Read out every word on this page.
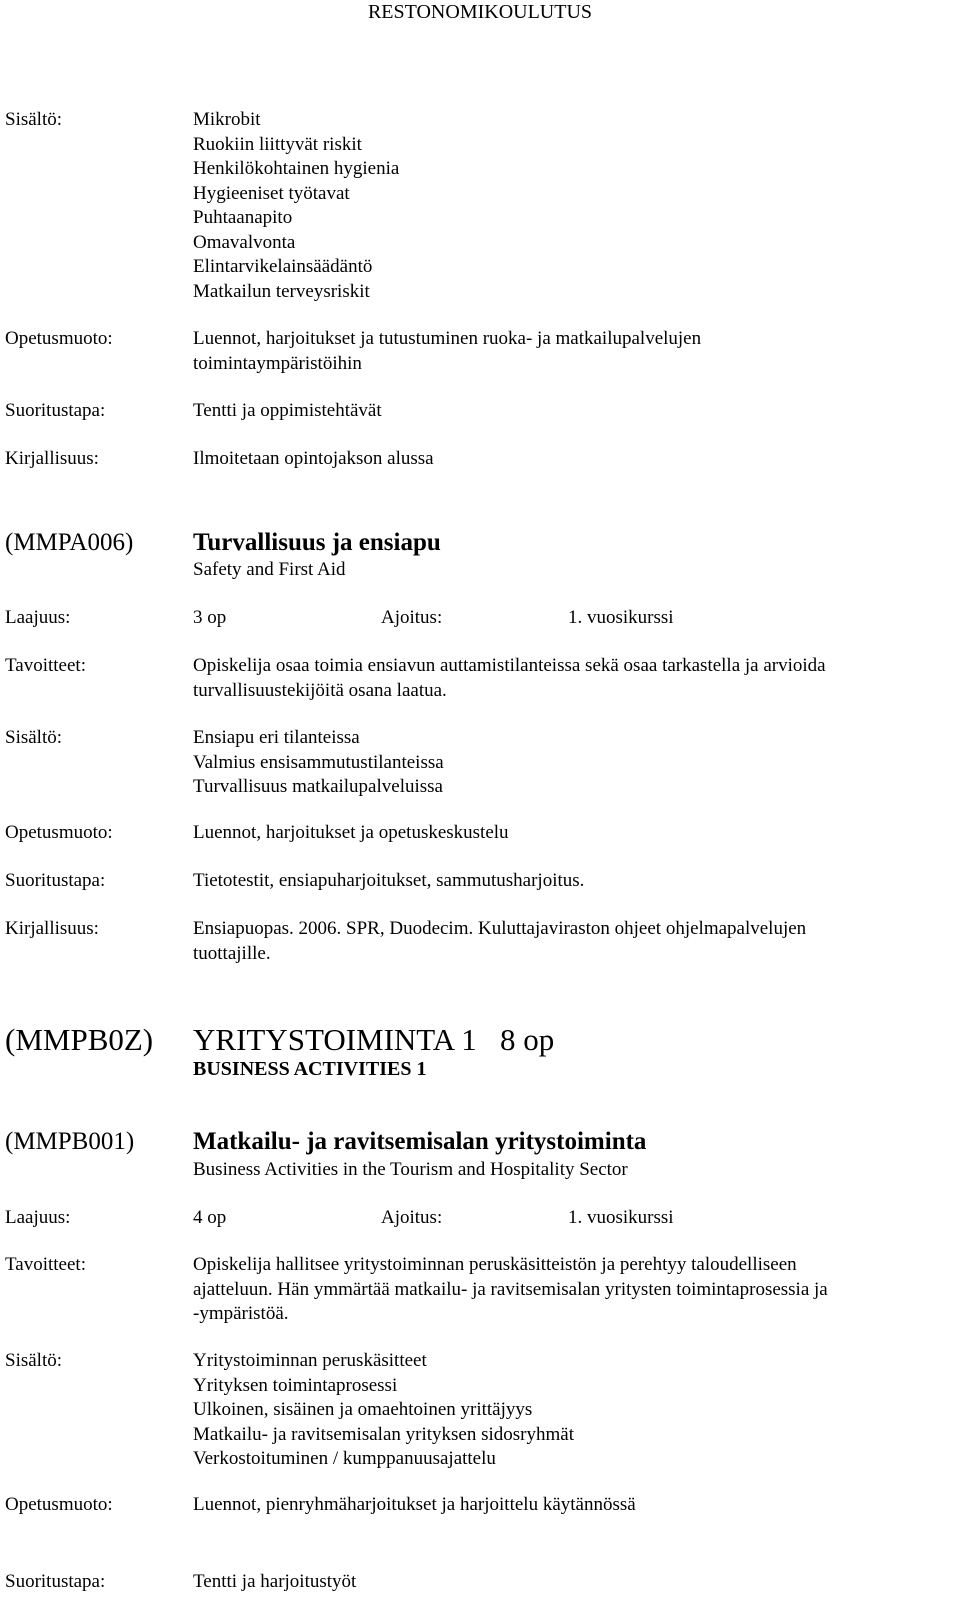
RESTONOMIKOULUTUS
Sisältö:	Mikrobit
Ruokiin liittyvät riskit
Henkilökohtainen hygienia
Hygieeniset työtavat
Puhtaanapito
Omavalvonta
Elintarvikelainsäädäntö
Matkailun terveysriskit
Opetusmuoto:	Luennot, harjoitukset ja tutustuminen ruoka- ja matkailupalvelujen
toimintaympäristöihin
Suoritustapa:	Tentti ja oppimistehtävät
Kirjallisuus:	Ilmoitetaan opintojakson alussa
(MMPA006) Turvallisuus ja ensiapu
Safety and First Aid
Laajuus:	3 op	Ajoitus:	1. vuosikurssi
Tavoitteet:	Opiskelija osaa toimia ensiavun auttamistilanteissa sekä osaa tarkastella ja arvioida
turvallisuustekijöitä osana laatua.
Sisältö:	Ensiapu eri tilanteissa
Valmius ensisammutustilanteissa
Turvallisuus matkailupalveluissa
Opetusmuoto:	Luennot, harjoitukset ja opetuskeskustelu
Suoritustapa:	Tietotestit, ensiapuharjoitukset, sammutusharjoitus.
Kirjallisuus:	Ensiapuopas. 2006. SPR, Duodecim. Kuluttajaviraston ohjeet ohjelmapalvelujen
tuottajille.
(MMPB0Z) YRITYSTOIMINTA 1   8 op
BUSINESS ACTIVITIES 1
(MMPB001) Matkailu- ja ravitsemisalan yritystoiminta
Business Activities in the Tourism and Hospitality Sector
Laajuus:	4 op	Ajoitus:	1. vuosikurssi
Tavoitteet:	Opiskelija hallitsee yritystoiminnan peruskäsitteistön ja perehtyy taloudelliseen
ajatteluun. Hän ymmärtää matkailu- ja ravitsemisalan yritysten toimintaprosessia ja
-ympäristöä.
Sisältö:	Yritystoiminnan peruskäsitteet
Yrityksen toimintaprosessi
Ulkoinen, sisäinen ja omaehtoinen yrittäjyys
Matkailu- ja ravitsemisalan yrityksen sidosryhmät
Verkostoituminen / kumppanuusajattelu
Opetusmuoto:	Luennot, pienryhmäharjoitukset ja harjoittelu käytännössä
Suoritustapa:	Tentti ja harjoitustyöt
